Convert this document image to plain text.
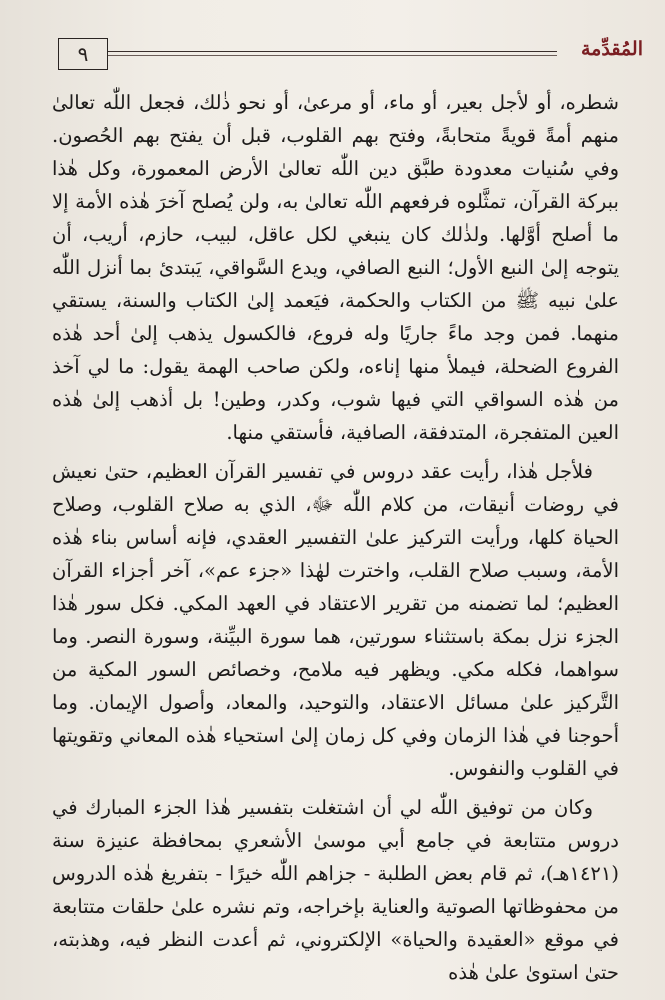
٩	المُقدِّمة

شطره، أو لأجل بعير، أو ماء، أو مرعىٰ، أو نحو ذٰلك، فجعل اللّٰه تعالىٰ منهم أمةً قويةً متحابةً، وفتح بهم القلوب، قبل أن يفتح بهم الحُصون. وفي سُنيات معدودة طبَّق دين اللّٰه تعالىٰ الأرض المعمورة، وكل هٰذا ببركة القرآن، تمثَّلوه فرفعهم اللّٰه تعالىٰ به، ولن يُصلح آخرَ هٰذه الأمة إلا ما أصلح أوَّلها. ولذٰلك كان ينبغي لكل عاقل، لبيب، حازم، أريب، أن يتوجه إلىٰ النبع الأول؛ النبع الصافي، ويدع السَّواقي، يَبتدئ بما أنزل اللّٰه علىٰ نبيه ﷺ من الكتاب والحكمة، فيَعمد إلىٰ الكتاب والسنة، يستقي منهما. فمن وجد ماءً جاريًا وله فروع، فالكسول يذهب إلىٰ أحد هٰذه الفروع الضحلة، فيملأ منها إناءه، ولكن صاحب الهمة يقول: ما لي آخذ من هٰذه السواقي التي فيها شوب، وكدر، وطين! بل أذهب إلىٰ هٰذه العين المتفجرة، المتدفقة، الصافية، فأستقي منها.

فلأجل هٰذا، رأيت عقد دروس في تفسير القرآن العظيم، حتىٰ نعيش في روضات أنيقات، من كلام اللّٰه ﷻ، الذي به صلاح القلوب، وصلاح الحياة كلها، ورأيت التركيز علىٰ التفسير العقدي، فإنه أساس بناء هٰذه الأمة، وسبب صلاح القلب، واخترت لهٰذا «جزء عم»، آخر أجزاء القرآن العظيم؛ لما تضمنه من تقرير الاعتقاد في العهد المكي. فكل سور هٰذا الجزء نزل بمكة باستثناء سورتين، هما سورة البيِّنة، وسورة النصر. وما سواهما، فكله مكي. ويظهر فيه ملامح، وخصائص السور المكية من التَّركيز علىٰ مسائل الاعتقاد، والتوحيد، والمعاد، وأصول الإيمان. وما أحوجنا في هٰذا الزمان وفي كل زمان إلىٰ استحياء هٰذه المعاني وتقويتها في القلوب والنفوس.

وكان من توفيق اللّٰه لي أن اشتغلت بتفسير هٰذا الجزء المبارك في دروس متتابعة في جامع أبي موسىٰ الأشعري بمحافظة عنيزة سنة (١٤٢١هـ)، ثم قام بعض الطلبة - جزاهم اللّٰه خيرًا - بتفريغ هٰذه الدروس من محفوظاتها الصوتية والعناية بإخراجه، وتم نشره علىٰ حلقات متتابعة في موقع «العقيدة والحياة» الإلكتروني، ثم أعدت النظر فيه، وهذبته، حتىٰ استوىٰ علىٰ هٰذه
